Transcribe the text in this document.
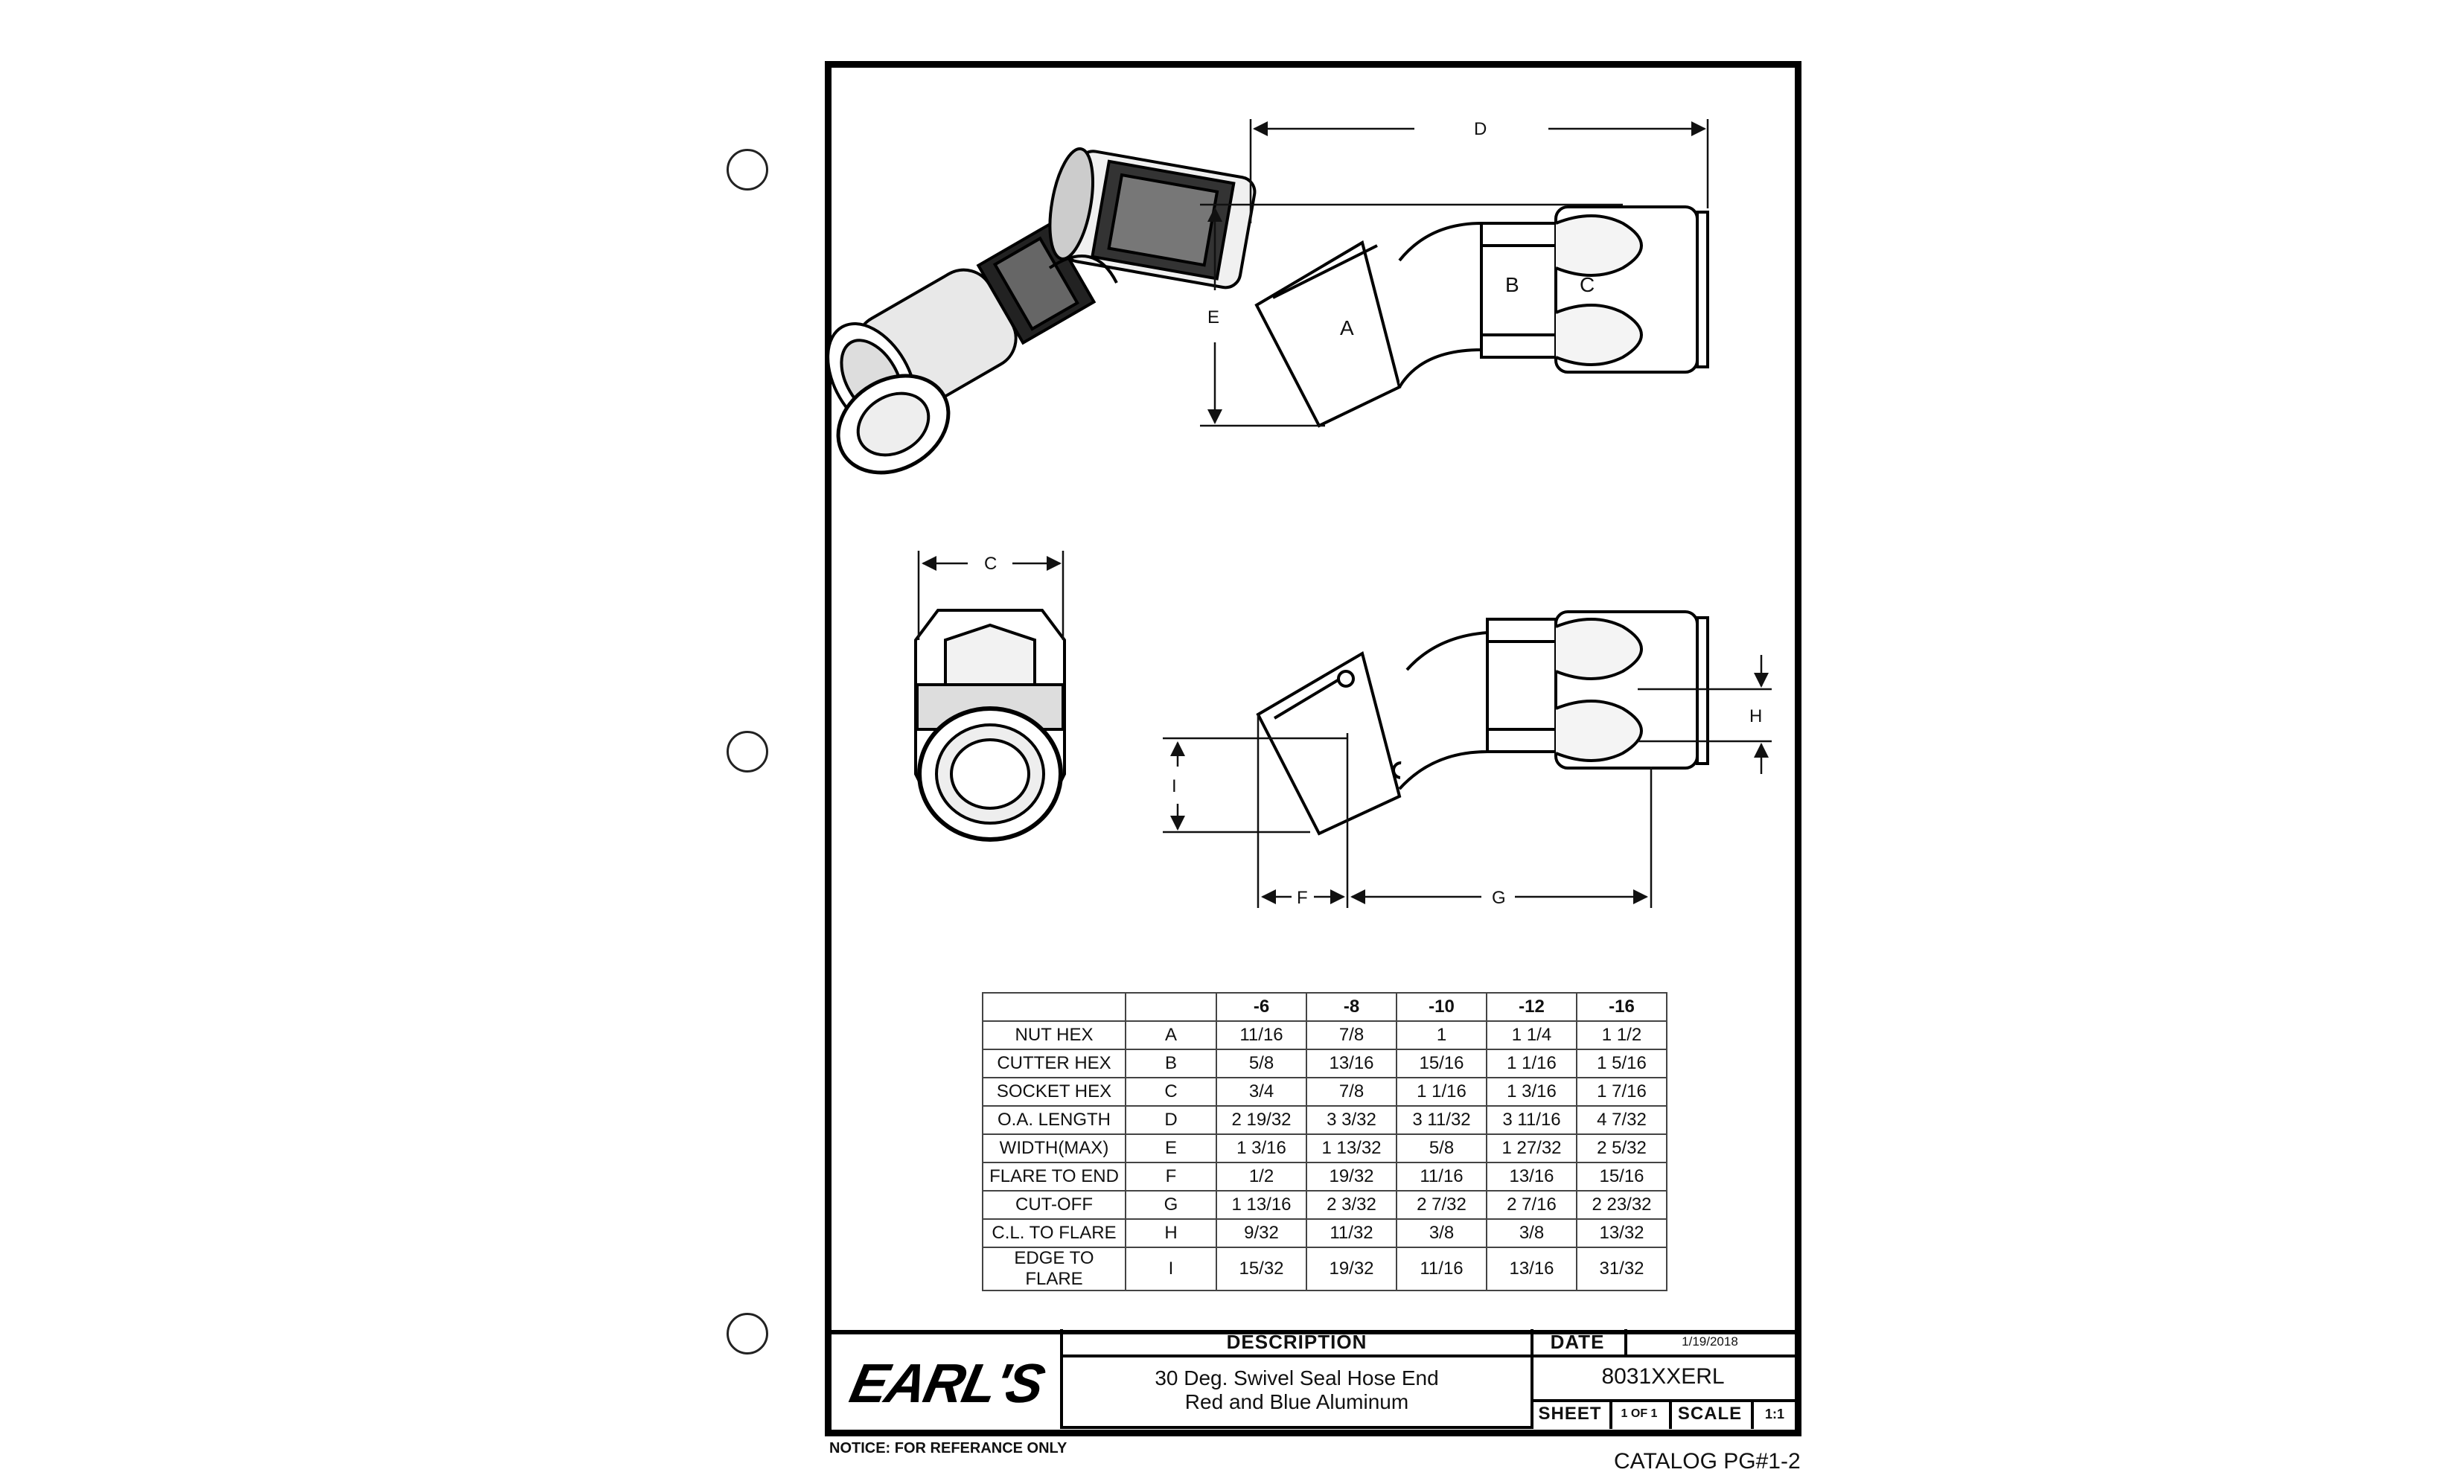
A
B	C
D
E
C
H
I
F	G
		-6	-8	-10	-12	-16
NUT HEX	A	11/16	7/8	1	1 1/4	1 1/2
CUTTER HEX	B	5/8	13/16	15/16	1 1/16	1 5/16
SOCKET HEX	C	3/4	7/8	1 1/16	1 3/16	1 7/16
O.A. LENGTH	D	2 19/32	3 3/32	3 11/32	3 11/16	4 7/32
WIDTH(MAX)	E	1 3/16	1 13/32	5/8	1 27/32	2 5/32
FLARE TO END	F	1/2	19/32	11/16	13/16	15/16
CUT-OFF	G	1 13/16	2 3/32	2 7/32	2 7/16	2 23/32
C.L. TO FLARE	H	9/32	11/32	3/8	3/8	13/32
EDGE TO FLARE	I	15/32	19/32	11/16	13/16	31/32
EARL'S
DESCRIPTION
30 Deg. Swivel Seal Hose End
Red and Blue Aluminum
DATE	1/19/2018
8031XXERL
SHEET 1 OF 1 SCALE 1:1
NOTICE: FOR REFERANCE ONLY
CATALOG PG#1-2
